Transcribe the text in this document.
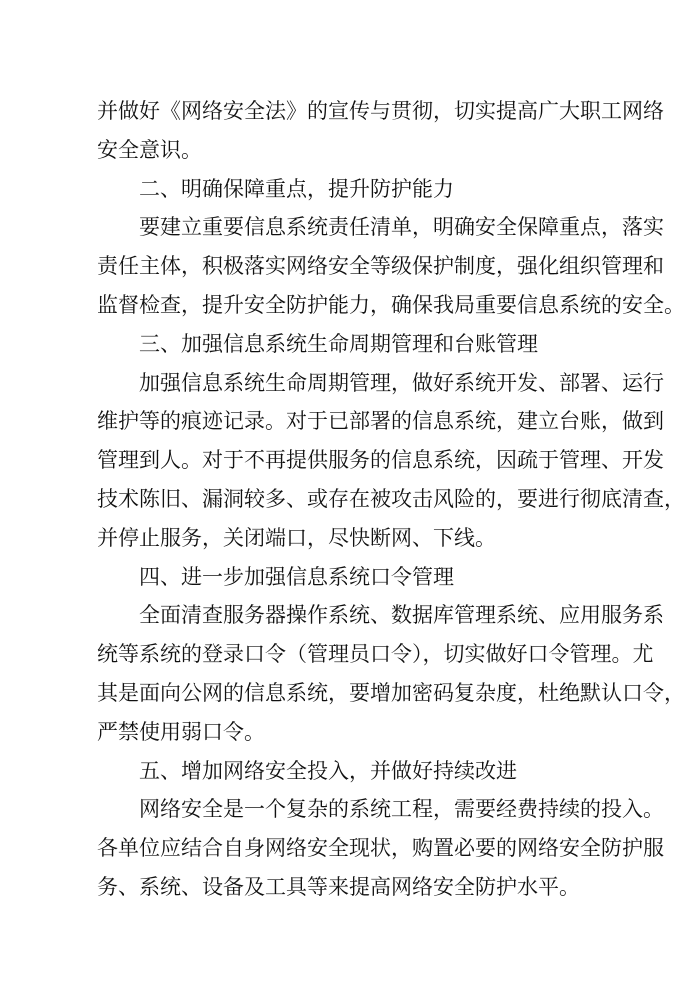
并做好《网络安全法》的宣传与贯彻，切实提高广大职工网络
安全意识。
二、明确保障重点，提升防护能力
要建立重要信息系统责任清单，明确安全保障重点，落实
责任主体，积极落实网络安全等级保护制度，强化组织管理和
监督检查，提升安全防护能力，确保我局重要信息系统的安全。
三、加强信息系统生命周期管理和台账管理
加强信息系统生命周期管理，做好系统开发、部署、运行
维护等的痕迹记录。对于已部署的信息系统，建立台账，做到
管理到人。对于不再提供服务的信息系统，因疏于管理、开发
技术陈旧、漏洞较多、或存在被攻击风险的，要进行彻底清查，
并停止服务，关闭端口，尽快断网、下线。
四、进一步加强信息系统口令管理
全面清查服务器操作系统、数据库管理系统、应用服务系
统等系统的登录口令（管理员口令），切实做好口令管理。尤
其是面向公网的信息系统，要增加密码复杂度，杜绝默认口令，
严禁使用弱口令。
五、增加网络安全投入，并做好持续改进
网络安全是一个复杂的系统工程，需要经费持续的投入。
各单位应结合自身网络安全现状，购置必要的网络安全防护服
务、系统、设备及工具等来提高网络安全防护水平。
